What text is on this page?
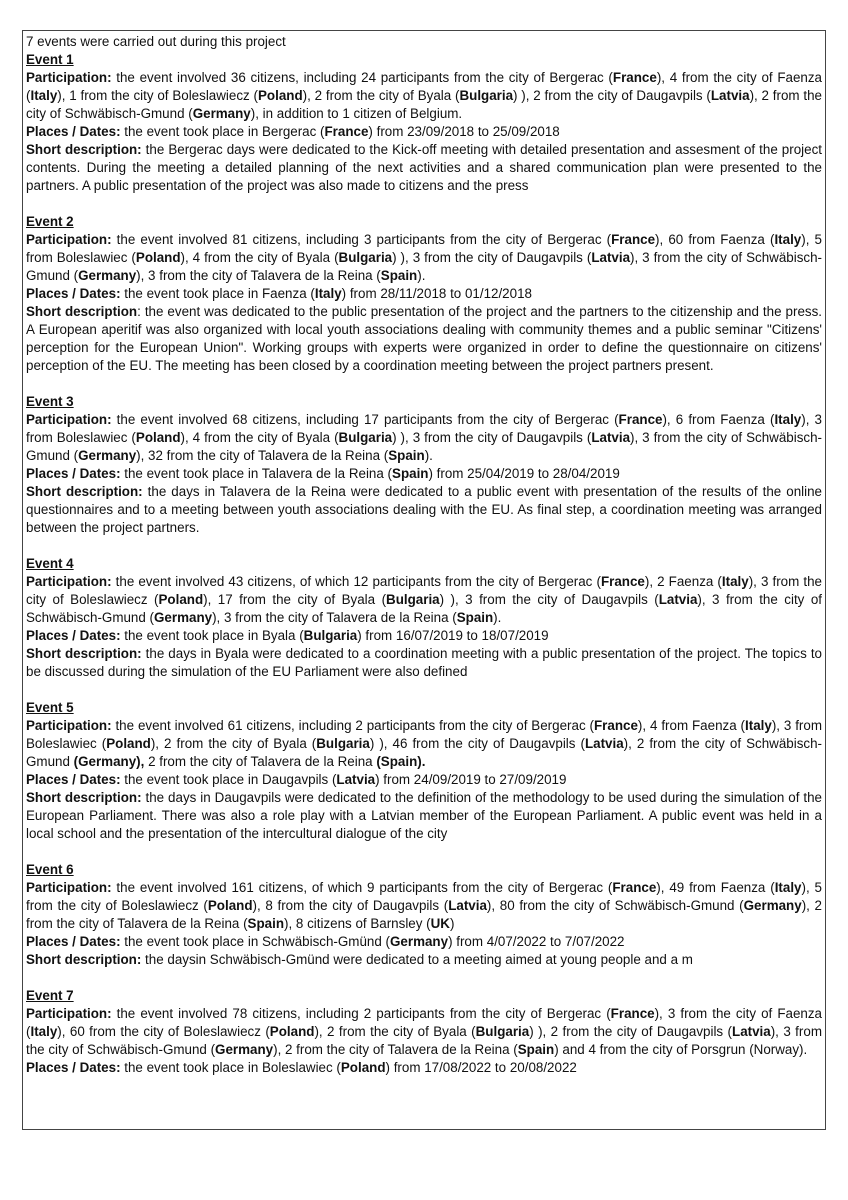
7 events were carried out during this project

Event 1

Participation: the event involved 36 citizens, including 24 participants from the city of Bergerac (France), 4 from the city of Faenza (Italy), 1 from the city of Boleslawiecz (Poland), 2 from the city of Byala (Bulgaria) ), 2 from the city of Daugavpils (Latvia), 2 from the city of Schwäbisch-Gmund (Germany), in addition to 1 citizen of Belgium.

Places / Dates: the event took place in Bergerac (France) from 23/09/2018 to 25/09/2018

Short description: the Bergerac days were dedicated to the Kick-off meeting with detailed presentation and assesment of the project contents. During the meeting a detailed planning of the next activities and a shared communication plan were presented to the partners. A public presentation of the project was also made to citizens and the press

Event 2

Participation: the event involved 81 citizens, including 3 participants from the city of Bergerac (France), 60 from Faenza (Italy), 5 from Boleslawiec (Poland), 4 from the city of Byala (Bulgaria) ), 3 from the city of Daugavpils (Latvia), 3 from the city of Schwäbisch-Gmund (Germany), 3 from the city of Talavera de la Reina (Spain).

Places / Dates: the event took place in Faenza (Italy) from 28/11/2018 to 01/12/2018

Short description: the event was dedicated to the public presentation of the project and the partners to the citizenship and the press. A European aperitif was also organized with local youth associations dealing with community themes and a public seminar "Citizens' perception for the European Union". Working groups with experts were organized in order to define the questionnaire on citizens' perception of the EU. The meeting has been closed by a coordination meeting between the project partners present.

Event 3

Participation: the event involved 68 citizens, including 17 participants from the city of Bergerac (France), 6 from Faenza (Italy), 3 from Boleslawiec (Poland), 4 from the city of Byala (Bulgaria) ), 3 from the city of Daugavpils (Latvia), 3 from the city of Schwäbisch-Gmund (Germany), 32 from the city of Talavera de la Reina (Spain).

Places / Dates: the event took place in Talavera de la Reina (Spain) from 25/04/2019 to 28/04/2019

Short description: the days in Talavera de la Reina were dedicated to a public event with presentation of the results of the online questionnaires and to a meeting between youth associations dealing with the EU. As final step, a coordination meeting was arranged between the project partners.

Event 4

Participation: the event involved 43 citizens, of which 12 participants from the city of Bergerac (France), 2 Faenza (Italy), 3 from the city of Boleslawiecz (Poland), 17 from the city of Byala (Bulgaria) ), 3 from the city of Daugavpils (Latvia), 3 from the city of Schwäbisch-Gmund (Germany), 3 from the city of Talavera de la Reina (Spain).

Places / Dates: the event took place in Byala (Bulgaria) from 16/07/2019 to 18/07/2019

Short description: the days in Byala were dedicated to a coordination meeting with a public presentation of the project. The topics to be discussed during the simulation of the EU Parliament were also defined

Event 5

Participation: the event involved 61 citizens, including 2 participants from the city of Bergerac (France), 4 from Faenza (Italy), 3 from Boleslawiec (Poland), 2 from the city of Byala (Bulgaria) ), 46 from the city of Daugavpils (Latvia), 2 from the city of Schwäbisch-Gmund (Germany), 2 from the city of Talavera de la Reina (Spain).

Places / Dates: the event took place in Daugavpils (Latvia) from 24/09/2019 to 27/09/2019

Short description: the days in Daugavpils were dedicated to the definition of the methodology to be used during the simulation of the European Parliament. There was also a role play with a Latvian member of the European Parliament. A public event was held in a local school and the presentation of the intercultural dialogue of the city

Event 6

Participation: the event involved 161 citizens, of which 9 participants from the city of Bergerac (France), 49 from Faenza (Italy), 5 from the city of Boleslawiecz (Poland), 8 from the city of Daugavpils (Latvia), 80 from the city of Schwäbisch-Gmund (Germany), 2 from the city of Talavera de la Reina (Spain), 8 citizens of Barnsley (UK)

Places / Dates: the event took place in Schwäbisch-Gmünd (Germany) from 4/07/2022 to 7/07/2022

Short description: the daysin Schwäbisch-Gmünd were dedicated to a meeting aimed at young people and a m

Event 7

Participation: the event involved 78 citizens, including 2 participants from the city of Bergerac (France), 3 from the city of Faenza (Italy), 60 from the city of Boleslawiecz (Poland), 2 from the city of Byala (Bulgaria) ), 2 from the city of Daugavpils (Latvia), 3 from the city of Schwäbisch-Gmund (Germany), 2 from the city of Talavera de la Reina (Spain) and 4 from the city of Porsgrun (Norway).

Places / Dates: the event took place in Boleslawiec (Poland) from 17/08/2022 to 20/08/2022
